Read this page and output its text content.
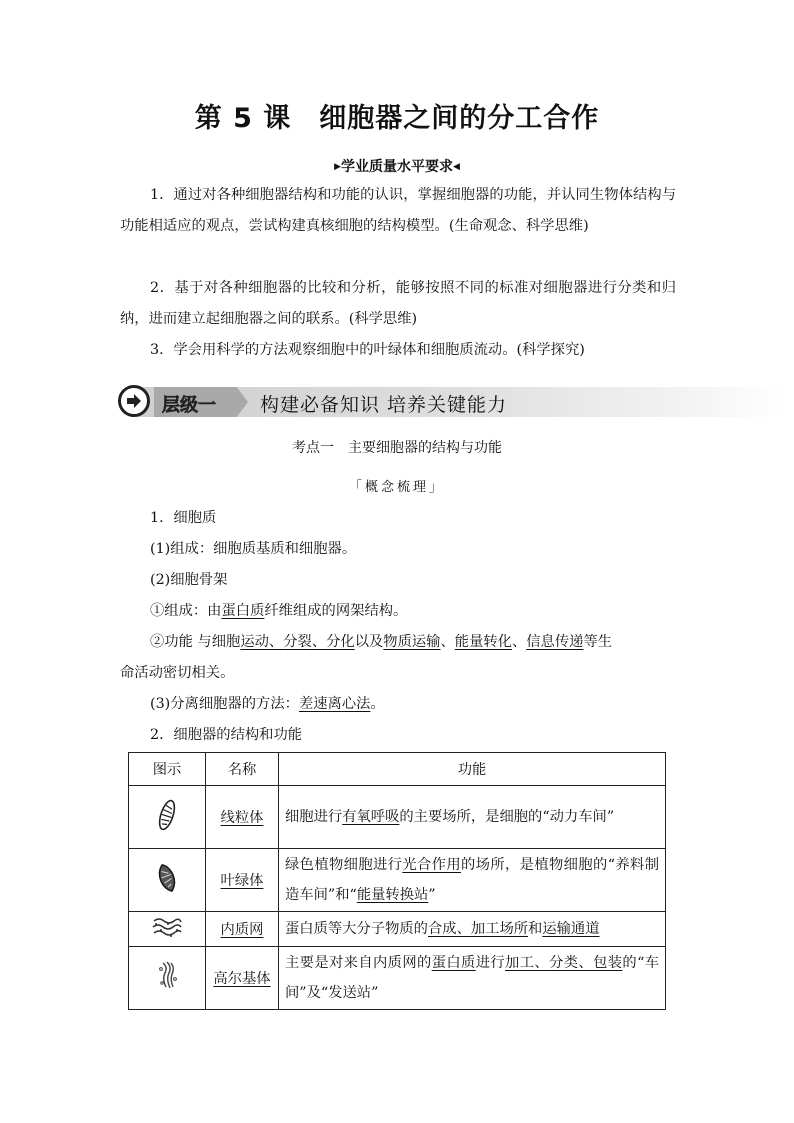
第 5 课　细胞器之间的分工合作
▶学业质量水平要求◀
1．通过对各种细胞器结构和功能的认识，掌握细胞器的功能，并认同生物体结构与功能相适应的观点，尝试构建真核细胞的结构模型。(生命观念、科学思维)
2．基于对各种细胞器的比较和分析，能够按照不同的标准对细胞器进行分类和归纳，进而建立起细胞器之间的联系。(科学思维)
3．学会用科学的方法观察细胞中的叶绿体和细胞质流动。(科学探究)
层级一 构建必备知识 培养关键能力
考点一　主要细胞器的结构与功能
「概念梳理」
1．细胞质
(1)组成：细胞质基质和细胞器。
(2)细胞骨架
①组成：由蛋白质纤维组成的网架结构。
②功能 与细胞运动、分裂、分化以及物质运输、能量转化、信息传递等生
命活动密切相关。
(3)分离细胞器的方法：差速离心法。
2．细胞器的结构和功能
图示	名称	功能
	线粒体	细胞进行有氧呼吸的主要场所，是细胞的“动力车间”
	叶绿体	绿色植物细胞进行光合作用的场所，是植物细胞的“养料制造车间”和“能量转换站”
	内质网	蛋白质等大分子物质的合成、加工场所和运输通道
	高尔基体	主要是对来自内质网的蛋白质进行加工、分类、包装的“车间”及“发送站”
